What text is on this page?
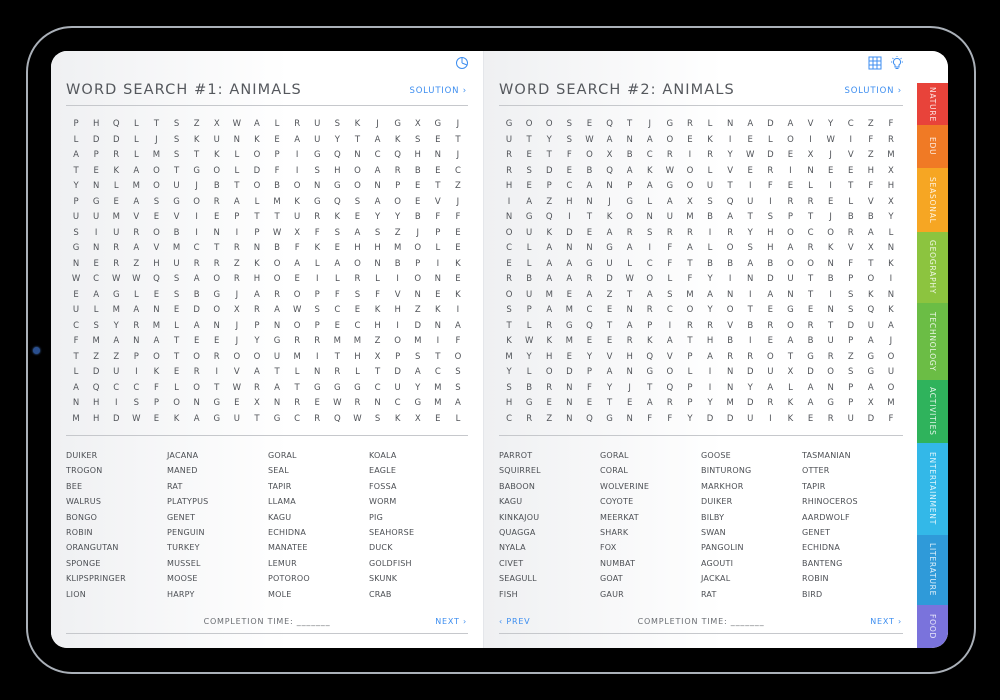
WORD SEARCH #1: ANIMALS	SOLUTION ›
P	H	Q	L	T	S	Z	X	W	A	L	R	U	S	K	J	G	X	G	J
L	D	D	L	J	S	K	U	N	K	E	A	U	Y	T	A	K	S	E	T
A	P	R	L	M	S	T	K	L	O	P	I	G	Q	N	C	Q	H	N	J
T	E	K	A	O	T	G	O	L	D	F	I	S	H	O	A	R	B	E	C
Y	N	L	M	O	U	J	B	T	O	B	O	N	G	O	N	P	E	T	Z
P	G	E	A	S	G	O	R	A	L	M	K	G	Q	S	A	O	E	V	J
U	U	M	V	E	V	I	E	P	T	T	U	R	K	E	Y	Y	B	F	F
S	I	U	R	O	B	I	N	I	P	W	X	F	S	A	S	Z	J	P	E
G	N	R	A	V	M	C	T	R	N	B	F	K	E	H	H	M	O	L	E
N	E	R	Z	H	U	R	R	Z	K	O	A	L	A	O	N	B	P	I	K
W	C	W	W	Q	S	A	O	R	H	O	E	I	L	R	L	I	O	N	E
E	A	G	L	E	S	B	G	J	A	R	O	P	F	S	F	V	N	E	K
U	L	M	A	N	E	D	O	X	R	A	W	S	C	E	K	H	Z	K	I
C	S	Y	R	M	L	A	N	J	P	N	O	P	E	C	H	I	D	N	A
F	M	A	N	A	T	E	E	J	Y	G	R	R	M	M	Z	O	M	I	F
T	Z	Z	P	O	T	O	R	O	O	U	M	I	T	H	X	P	S	T	O
L	D	U	I	K	E	R	I	V	A	T	L	N	R	L	T	D	A	C	S
A	Q	C	C	F	L	O	T	W	R	A	T	G	G	G	C	U	Y	M	S
N	H	I	S	P	O	N	G	E	X	N	R	E	W	R	N	C	G	M	A
M	H	D	W	E	K	A	G	U	T	G	C	R	Q	W	S	K	X	E	L
DUIKER
TROGON
BEE
WALRUS
BONGO
ROBIN
ORANGUTAN
SPONGE
KLIPSPRINGER
LION
JACANA
MANED
RAT
PLATYPUS
GENET
PENGUIN
TURKEY
MUSSEL
MOOSE
HARPY
GORAL
SEAL
TAPIR
LLAMA
KAGU
ECHIDNA
MANATEE
LEMUR
POTOROO
MOLE
KOALA
EAGLE
FOSSA
WORM
PIG
SEAHORSE
DUCK
GOLDFISH
SKUNK
CRAB
COMPLETION TIME: _______	NEXT ›
WORD SEARCH #2: ANIMALS	SOLUTION ›
G	O	O	S	E	Q	T	J	G	R	L	N	A	D	A	V	Y	C	Z	F
U	T	Y	S	W	A	N	A	O	E	K	I	E	L	O	I	W	I	F	R
R	E	T	F	O	X	B	C	R	I	R	Y	W	D	E	X	J	V	Z	M
R	S	D	E	B	Q	A	K	W	O	L	V	E	R	I	N	E	E	H	X
H	E	P	C	A	N	P	A	G	O	U	T	I	F	E	L	I	T	F	H
I	A	Z	H	N	J	G	L	A	X	S	Q	U	I	R	R	E	L	V	X
N	G	Q	I	T	K	O	N	U	M	B	A	T	S	P	T	J	B	B	Y
O	U	K	D	E	A	R	S	R	R	I	R	Y	H	O	C	O	R	A	L
C	L	A	N	N	G	A	I	F	A	L	O	S	H	A	R	K	V	X	N
E	L	A	A	G	U	L	C	F	T	B	B	A	B	O	O	N	F	T	K
R	B	A	A	R	D	W	O	L	F	Y	I	N	D	U	T	B	P	O	I
O	U	M	E	A	Z	T	A	S	M	A	N	I	A	N	T	I	S	K	N
S	P	A	M	C	E	N	R	C	O	Y	O	T	E	G	E	N	S	Q	K
T	L	R	G	Q	T	A	P	I	R	R	V	B	R	O	R	T	D	U	A
K	W	K	M	E	E	R	K	A	T	H	B	I	E	A	B	U	P	A	J
M	Y	H	E	Y	V	H	Q	V	P	A	R	R	O	T	G	R	Z	G	O
Y	L	O	D	P	A	N	G	O	L	I	N	D	U	X	D	O	S	G	U
S	B	R	N	F	Y	J	T	Q	P	I	N	Y	A	L	A	N	P	A	O
H	G	E	N	E	T	E	A	R	P	Y	M	D	R	K	A	G	P	X	M
C	R	Z	N	Q	G	N	F	F	Y	D	D	U	I	K	E	R	U	D	F
PARROT
SQUIRREL
BABOON
KAGU
KINKAJOU
QUAGGA
NYALA
CIVET
SEAGULL
FISH
GORAL
CORAL
WOLVERINE
COYOTE
MEERKAT
SHARK
FOX
NUMBAT
GOAT
GAUR
GOOSE
BINTURONG
MARKHOR
DUIKER
BILBY
SWAN
PANGOLIN
AGOUTI
JACKAL
RAT
TASMANIAN
OTTER
TAPIR
RHINOCEROS
AARDWOLF
GENET
ECHIDNA
BANTENG
ROBIN
BIRD
‹ PREV	COMPLETION TIME: _______	NEXT ›
NATURE
EDU
SEASONAL
GEOGRAPHY
TECHNOLOGY
ACTIVITIES
ENTERTAINMENT
LITERATURE
FOOD
